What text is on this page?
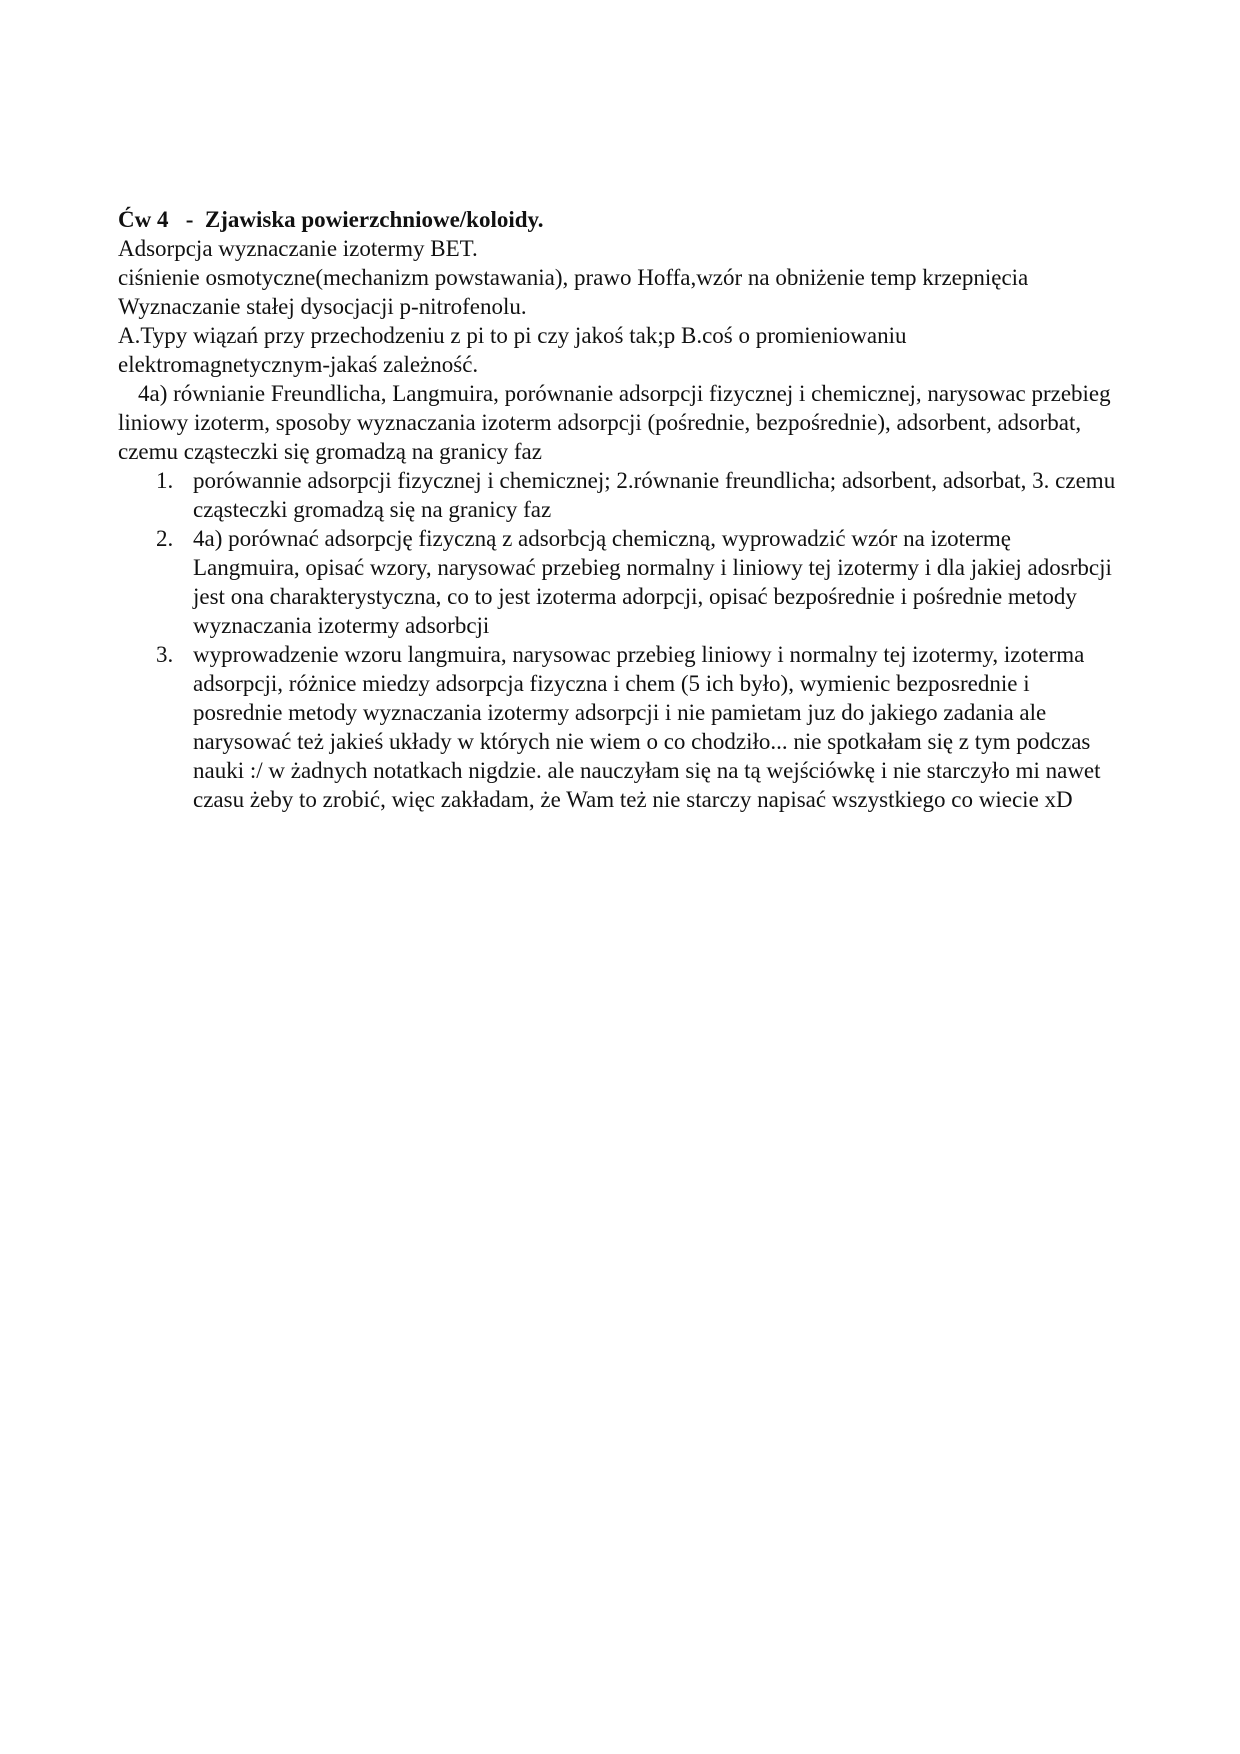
Ćw 4   -  Zjawiska powierzchniowe/koloidy.
Adsorpcja wyznaczanie izotermy BET.
ciśnienie osmotyczne(mechanizm powstawania), prawo Hoffa,wzór na obniżenie temp krzepnięcia
Wyznaczanie stałej dysocjacji p-nitrofenolu.
A.Typy wiązań przy przechodzeniu z pi to pi czy jakoś tak;p B.coś o promieniowaniu
elektromagnetycznym-jakaś zależność.
4a) równianie Freundlicha, Langmuira, porównanie adsorpcji fizycznej i chemicznej, narysowac przebieg liniowy izoterm, sposoby wyznaczania izoterm adsorpcji (pośrednie, bezpośrednie), adsorbent, adsorbat, czemu cząsteczki się gromadzą na granicy faz
1. porówannie adsorpcji fizycznej i chemicznej; 2.równanie freundlicha; adsorbent, adsorbat, 3. czemu cząsteczki gromadzą się na granicy faz
2. 4a) porównać adsorpcję fizyczną z adsorbcją chemiczną, wyprowadzić wzór na izotermę Langmuira, opisać wzory, narysować przebieg normalny i liniowy tej izotermy i dla jakiej adosrbcji jest ona charakterystyczna, co to jest izoterma adorpcji, opisać bezpośrednie i pośrednie metody wyznaczania izotermy adsorbcji
3. wyprowadzenie wzoru langmuira, narysowac przebieg liniowy i normalny tej izotermy, izoterma adsorpcji, różnice miedzy adsorpcja fizyczna i chem (5 ich było), wymienic bezposrednie i posrednie metody wyznaczania izotermy adsorpcji i nie pamietam juz do jakiego zadania ale narysować też jakieś układy w których nie wiem o co chodziło... nie spotkałam się z tym podczas nauki :/ w żadnych notatkach nigdzie. ale nauczyłam się na tą wejściówkę i nie starczyło mi nawet czasu żeby to zrobić, więc zakładam, że Wam też nie starczy napisać wszystkiego co wiecie xD
